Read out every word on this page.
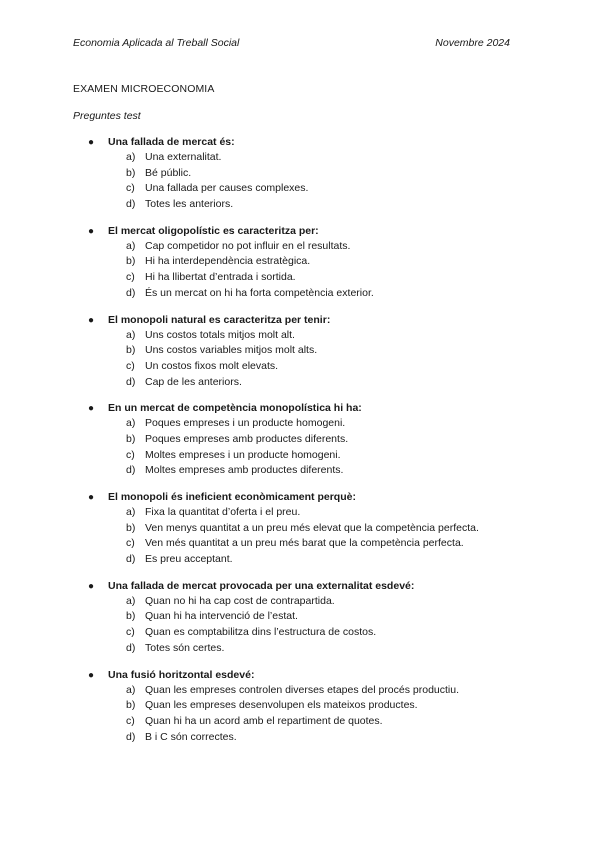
Economia Aplicada al Treball Social	Novembre 2024
EXAMEN MICROECONOMIA
Preguntes test
● Una fallada de mercat és:
a) Una externalitat.
b) Bé públic.
c) Una fallada per causes complexes.
d) Totes les anteriors.
● El mercat oligopolístic es caracteritza per:
a) Cap competidor no pot influir en el resultats.
b) Hi ha interdependència estratègica.
c) Hi ha llibertat d’entrada i sortida.
d) És un mercat on hi ha forta competència exterior.
● El monopoli natural es caracteritza per tenir:
a) Uns costos totals mitjos molt alt.
b) Uns costos variables mitjos molt alts.
c) Un costos fixos molt elevats.
d) Cap de les anteriors.
● En un mercat de competència monopolística hi ha:
a) Poques empreses i un producte homogeni.
b) Poques empreses amb productes diferents.
c) Moltes empreses i un producte homogeni.
d) Moltes empreses amb productes diferents.
● El monopoli és ineficient econòmicament perquè:
a) Fixa la quantitat d’oferta i el preu.
b) Ven menys quantitat a un preu més elevat que la competència perfecta.
c) Ven més quantitat a un preu més barat que la competència perfecta.
d) Es preu acceptant.
● Una fallada de mercat provocada per una externalitat esdevé:
a) Quan no hi ha cap cost de contrapartida.
b) Quan hi ha intervenció de l’estat.
c) Quan es comptabilitza dins l’estructura de costos.
d) Totes són certes.
● Una fusió horitzontal esdevé:
a) Quan les empreses controlen diverses etapes del procés productiu.
b) Quan les empreses desenvolupen els mateixos productes.
c) Quan hi ha un acord amb el repartiment de quotes.
d) B i C són correctes.
